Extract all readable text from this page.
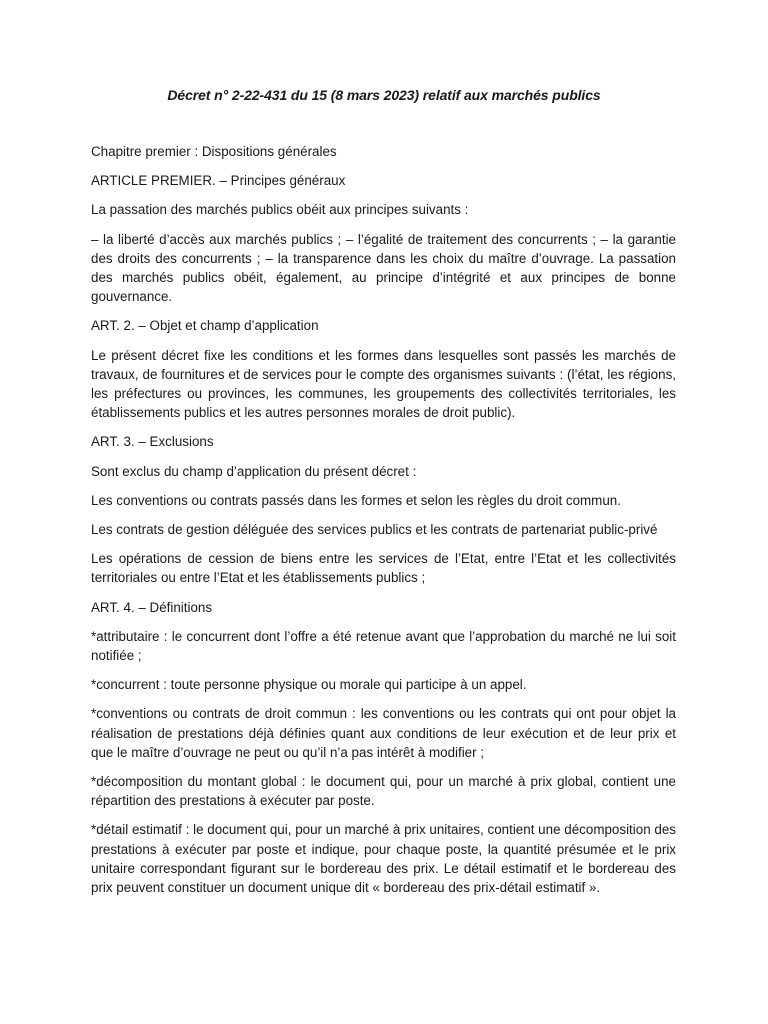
Décret n° 2-22-431 du 15 (8 mars 2023) relatif aux marchés publics

Chapitre premier : Dispositions générales

ARTICLE PREMIER. – Principes généraux

La passation des marchés publics obéit aux principes suivants :

– la liberté d’accès aux marchés publics ; – l’égalité de traitement des concurrents ; – la garantie des droits des concurrents ; – la transparence dans les choix du maître d’ouvrage. La passation des marchés publics obéit, également, au principe d’intégrité et aux principes de bonne gouvernance.

ART. 2. – Objet et champ d’application

Le présent décret fixe les conditions et les formes dans lesquelles sont passés les marchés de travaux, de fournitures et de services pour le compte des organismes suivants : (l’état, les régions, les préfectures ou provinces, les communes, les groupements des collectivités territoriales, les établissements publics et les autres personnes morales de droit public).

ART. 3. – Exclusions

Sont exclus du champ d’application du présent décret :

Les conventions ou contrats passés dans les formes et selon les règles du droit commun.

Les contrats de gestion déléguée des services publics et les contrats de partenariat public-privé

Les opérations de cession de biens entre les services de l’Etat, entre l’Etat et les collectivités territoriales ou entre l’Etat et les établissements publics ;

ART. 4. – Définitions

*attributaire : le concurrent dont l’offre a été retenue avant que l’approbation du marché ne lui soit notifiée ;

*concurrent : toute personne physique ou morale qui participe à un appel.

*conventions ou contrats de droit commun : les conventions ou les contrats qui ont pour objet la réalisation de prestations déjà définies quant aux conditions de leur exécution et de leur prix et que le maître d’ouvrage ne peut ou qu’il n’a pas intérêt à modifier ;

*décomposition du montant global : le document qui, pour un marché à prix global, contient une répartition des prestations à exécuter par poste.

*détail estimatif : le document qui, pour un marché à prix unitaires, contient une décomposition des prestations à exécuter par poste et indique, pour chaque poste, la quantité présumée et le prix unitaire correspondant figurant sur le bordereau des prix. Le détail estimatif et le bordereau des prix peuvent constituer un document unique dit « bordereau des prix-détail estimatif ».
